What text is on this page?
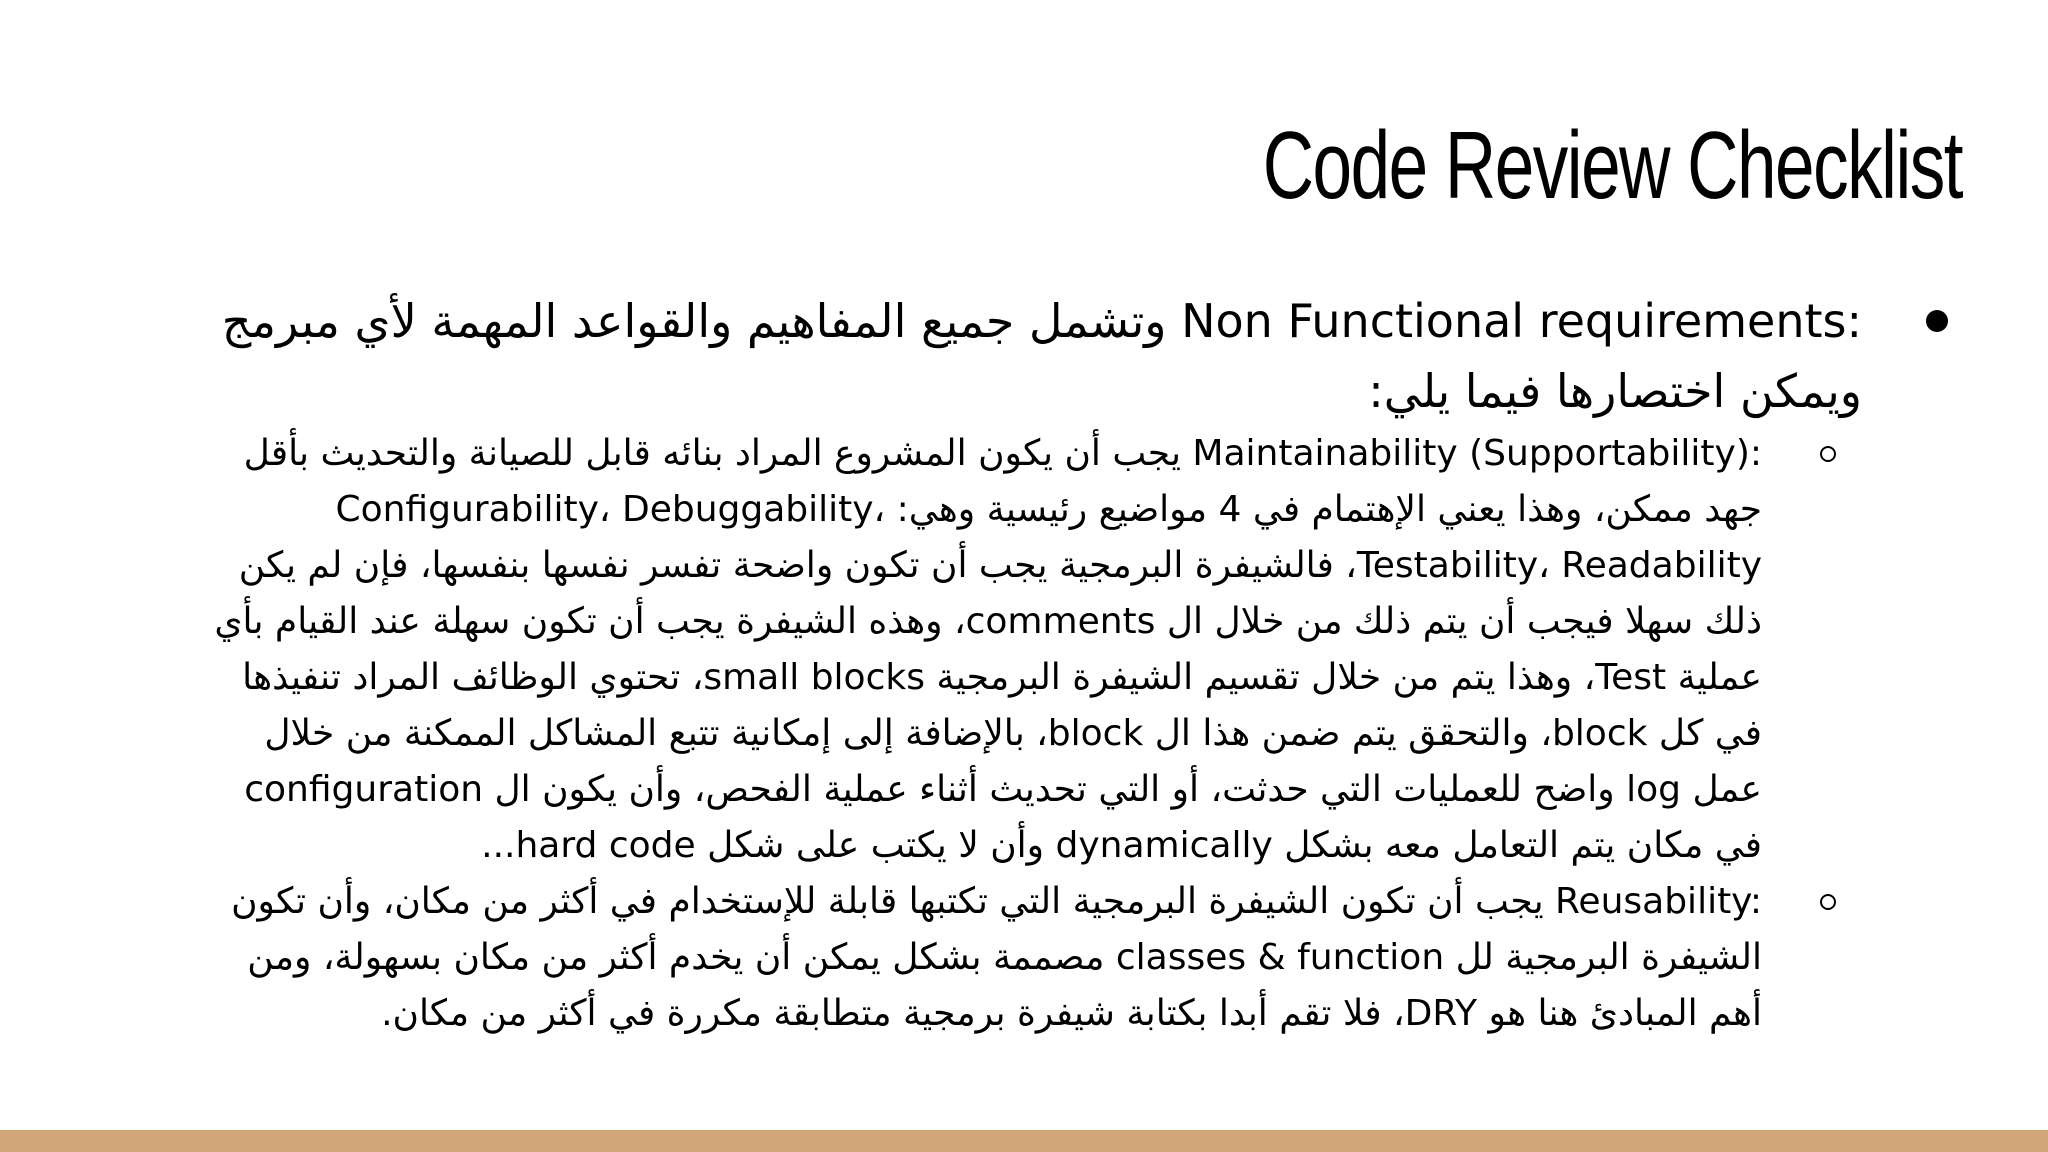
Code Review Checklist

Non Functional requirements: وتشمل جميع المفاهيم والقواعد المهمة لأي مبرمج ويمكن اختصارها فيما يلي:

Maintainability (Supportability): يجب أن يكون المشروع المراد بنائه قابل للصيانة والتحديث بأقل جهد ممكن، وهذا يعني الإهتمام في 4 مواضيع رئيسية وهي: Configurability، Debuggability، Testability، Readability، فالشيفرة البرمجية يجب أن تكون واضحة تفسر نفسها بنفسها، فإن لم يكن ذلك سهلا فيجب أن يتم ذلك من خلال ال comments، وهذه الشيفرة يجب أن تكون سهلة عند القيام بأي عملية Test، وهذا يتم من خلال تقسيم الشيفرة البرمجية small blocks، تحتوي الوظائف المراد تنفيذها في كل block، والتحقق يتم ضمن هذا ال block، بالإضافة إلى إمكانية تتبع المشاكل الممكنة من خلال عمل log واضح للعمليات التي حدثت، أو التي تحديث أثناء عملية الفحص، وأن يكون ال configuration في مكان يتم التعامل معه بشكل dynamically وأن لا يكتب على شكل hard code...
Reusability: يجب أن تكون الشيفرة البرمجية التي تكتبها قابلة للإستخدام في أكثر من مكان، وأن تكون الشيفرة البرمجية لل classes & function مصممة بشكل يمكن أن يخدم أكثر من مكان بسهولة، ومن أهم المبادئ هنا هو DRY، فلا تقم أبدا بكتابة شيفرة برمجية متطابقة مكررة في أكثر من مكان.
